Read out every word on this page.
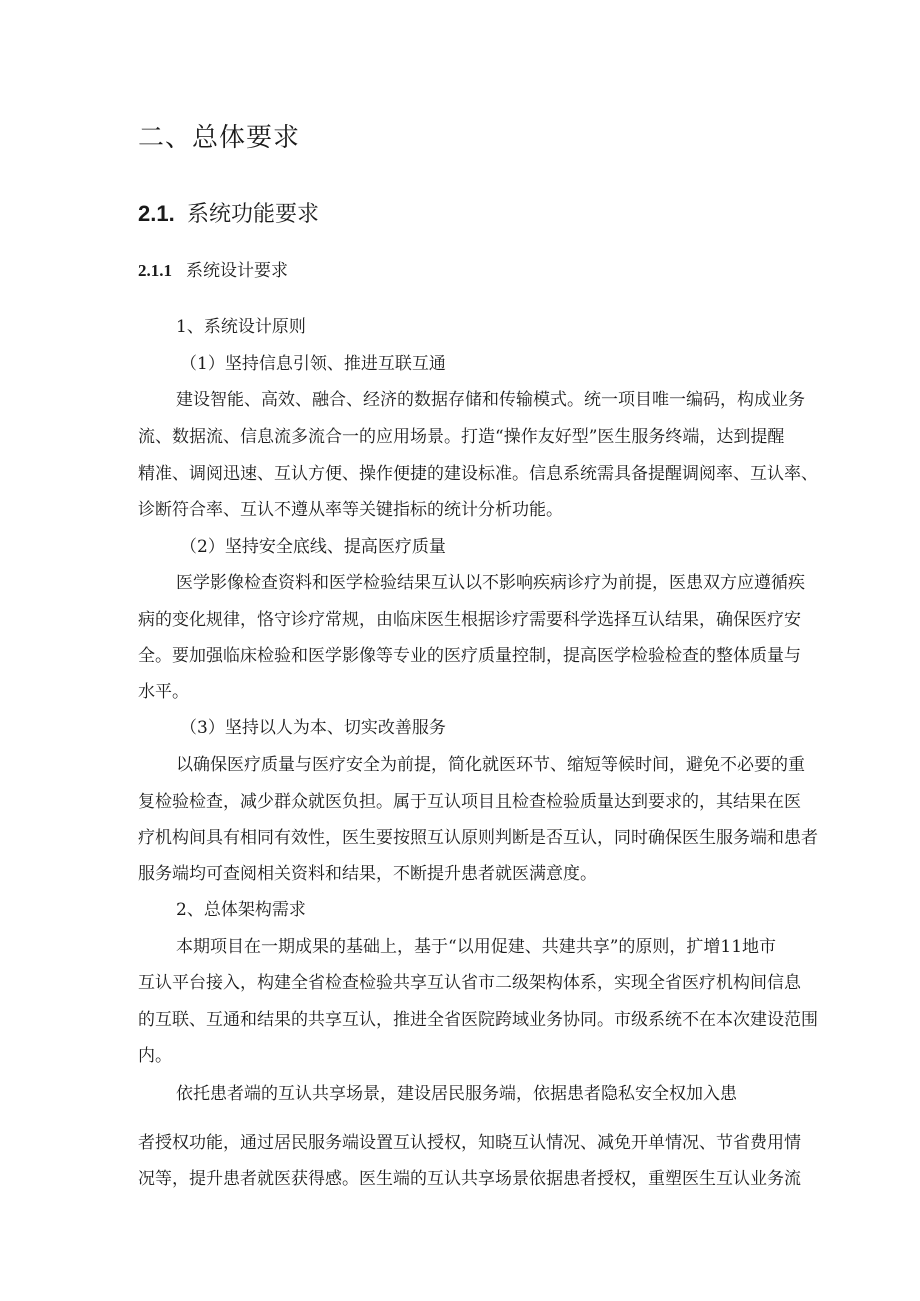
二、总体要求
2.1. 系统功能要求
2.1.1 系统设计要求
1、系统设计原则
（1）坚持信息引领、推进互联互通
建设智能、高效、融合、经济的数据存储和传输模式。统一项目唯一编码，构成业务
流、数据流、信息流多流合一的应用场景。打造“操作友好型”医生服务终端，达到提醒
精准、调阅迅速、互认方便、操作便捷的建设标准。信息系统需具备提醒调阅率、互认率、
诊断符合率、互认不遵从率等关键指标的统计分析功能。
（2）坚持安全底线、提高医疗质量
医学影像检查资料和医学检验结果互认以不影响疾病诊疗为前提，医患双方应遵循疾
病的变化规律，恪守诊疗常规，由临床医生根据诊疗需要科学选择互认结果，确保医疗安
全。要加强临床检验和医学影像等专业的医疗质量控制，提高医学检验检查的整体质量与
水平。
（3）坚持以人为本、切实改善服务
以确保医疗质量与医疗安全为前提，简化就医环节、缩短等候时间，避免不必要的重
复检验检查，减少群众就医负担。属于互认项目且检查检验质量达到要求的，其结果在医
疗机构间具有相同有效性，医生要按照互认原则判断是否互认，同时确保医生服务端和患者
服务端均可查阅相关资料和结果，不断提升患者就医满意度。
2、总体架构需求
本期项目在一期成果的基础上，基于“以用促建、共建共享”的原则，扩增11地市
互认平台接入，构建全省检查检验共享互认省市二级架构体系，实现全省医疗机构间信息
的互联、互通和结果的共享互认，推进全省医院跨域业务协同。市级系统不在本次建设范围
内。
依托患者端的互认共享场景，建设居民服务端，依据患者隐私安全权加入患
者授权功能，通过居民服务端设置互认授权，知晓互认情况、减免开单情况、节省费用情
况等，提升患者就医获得感。医生端的互认共享场景依据患者授权，重塑医生互认业务流
